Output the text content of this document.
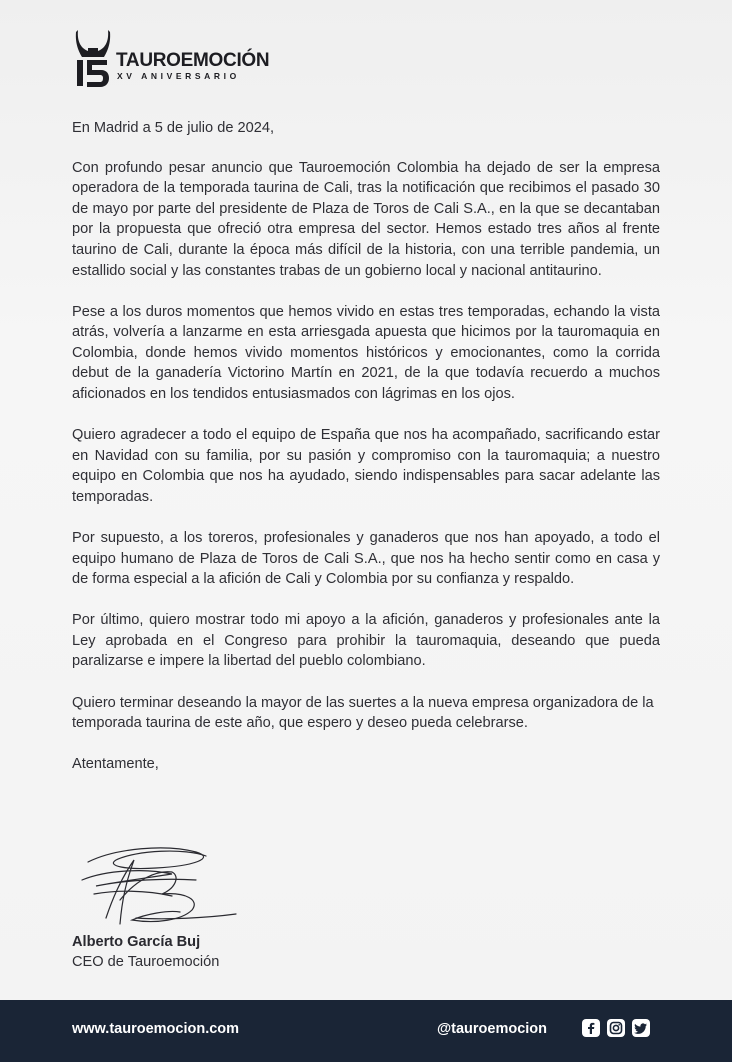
TAUROEMOCIÓN
XV ANIVERSARIO

En Madrid a 5 de julio de 2024,

Con profundo pesar anuncio que Tauroemoción Colombia ha dejado de ser la empresa operadora de la temporada taurina de Cali, tras la notificación que recibimos el pasado 30 de mayo por parte del presidente de Plaza de Toros de Cali S.A., en la que se decantaban por la propuesta que ofreció otra empresa del sector. Hemos estado tres años al frente taurino de Cali, durante la época más difícil de la historia, con una terrible pandemia, un estallido social y las constantes trabas de un gobierno local y nacional antitaurino.

Pese a los duros momentos que hemos vivido en estas tres temporadas, echando la vista atrás, volvería a lanzarme en esta arriesgada apuesta que hicimos por la tauromaquia en Colombia, donde hemos vivido momentos históricos y emocionantes, como la corrida debut de la ganadería Victorino Martín en 2021, de la que todavía recuerdo a muchos aficionados en los tendidos entusiasmados con lágrimas en los ojos.

Quiero agradecer a todo el equipo de España que nos ha acompañado, sacrificando estar en Navidad con su familia, por su pasión y compromiso con la tauromaquia; a nuestro equipo en Colombia que nos ha ayudado, siendo indispensables para sacar adelante las temporadas.

Por supuesto, a los toreros, profesionales y ganaderos que nos han apoyado, a todo el equipo humano de Plaza de Toros de Cali S.A., que nos ha hecho sentir como en casa y de forma especial a la afición de Cali y Colombia por su confianza y respaldo.

Por último, quiero mostrar todo mi apoyo a la afición, ganaderos y profesionales ante la Ley aprobada en el Congreso para prohibir la tauromaquia, deseando que pueda paralizarse e impere la libertad del pueblo colombiano.

Quiero terminar deseando la mayor de las suertes a la nueva empresa organizadora de la temporada taurina de este año, que espero y deseo pueda celebrarse.

Atentamente,

Alberto García Buj
CEO de Tauroemoción
www.tauroemocion.com	@tauroemocion
